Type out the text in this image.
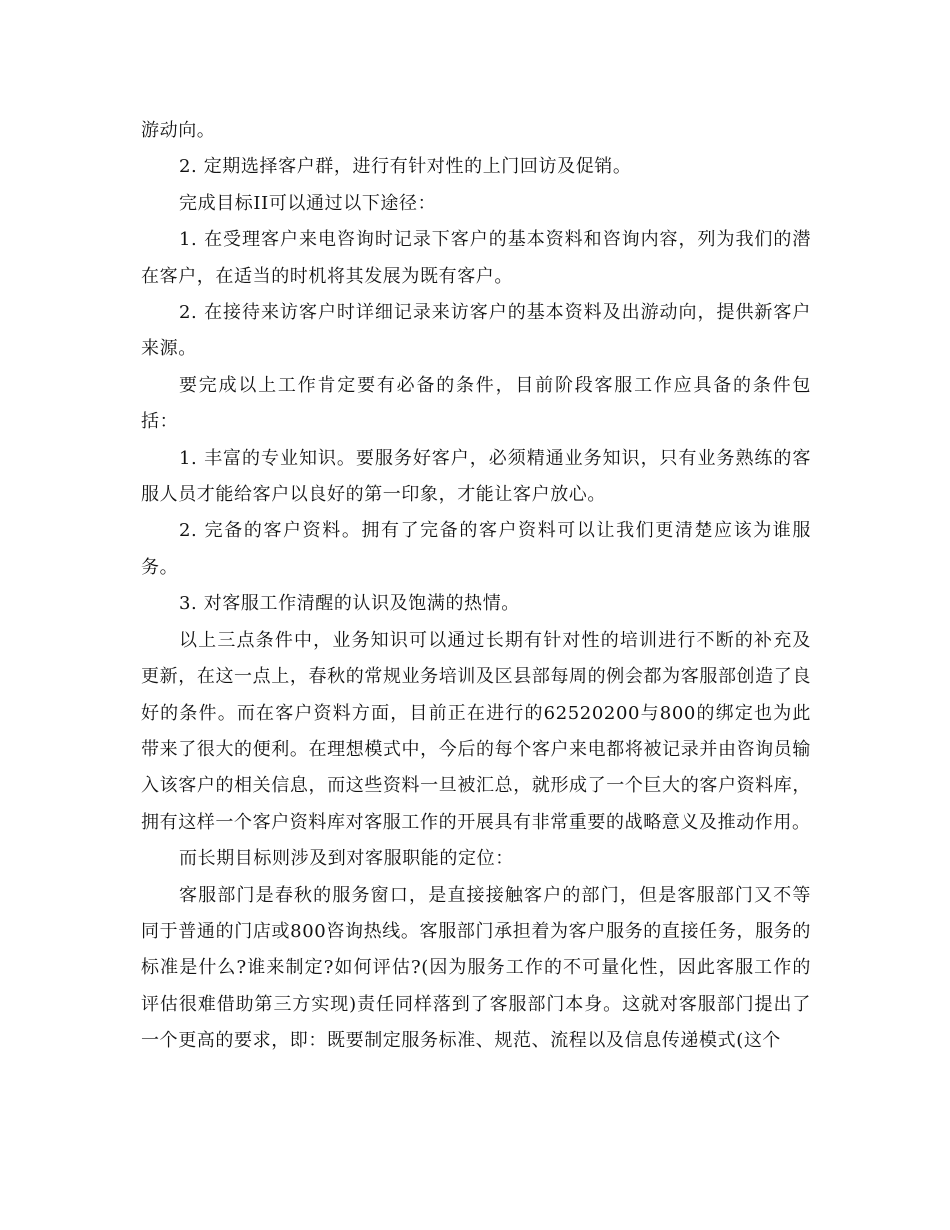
游动向。

2. 定期选择客户群，进行有针对性的上门回访及促销。

完成目标II可以通过以下途径：

1. 在受理客户来电咨询时记录下客户的基本资料和咨询内容，列为我们的潜在客户，在适当的时机将其发展为既有客户。

2. 在接待来访客户时详细记录来访客户的基本资料及出游动向，提供新客户来源。

要完成以上工作肯定要有必备的条件，目前阶段客服工作应具备的条件包括：

1. 丰富的专业知识。要服务好客户，必须精通业务知识，只有业务熟练的客服人员才能给客户以良好的第一印象，才能让客户放心。

2. 完备的客户资料。拥有了完备的客户资料可以让我们更清楚应该为谁服务。

3. 对客服工作清醒的认识及饱满的热情。

以上三点条件中，业务知识可以通过长期有针对性的培训进行不断的补充及更新，在这一点上，春秋的常规业务培训及区县部每周的例会都为客服部创造了良好的条件。而在客户资料方面，目前正在进行的62520200与800的绑定也为此带来了很大的便利。在理想模式中，今后的每个客户来电都将被记录并由咨询员输入该客户的相关信息，而这些资料一旦被汇总，就形成了一个巨大的客户资料库，拥有这样一个客户资料库对客服工作的开展具有非常重要的战略意义及推动作用。

而长期目标则涉及到对客服职能的定位：

客服部门是春秋的服务窗口，是直接接触客户的部门，但是客服部门又不等同于普通的门店或800咨询热线。客服部门承担着为客户服务的直接任务，服务的标准是什么?谁来制定?如何评估?(因为服务工作的不可量化性，因此客服工作的评估很难借助第三方实现)责任同样落到了客服部门本身。这就对客服部门提出了一个更高的要求，即：既要制定服务标准、规范、流程以及信息传递模式(这个
